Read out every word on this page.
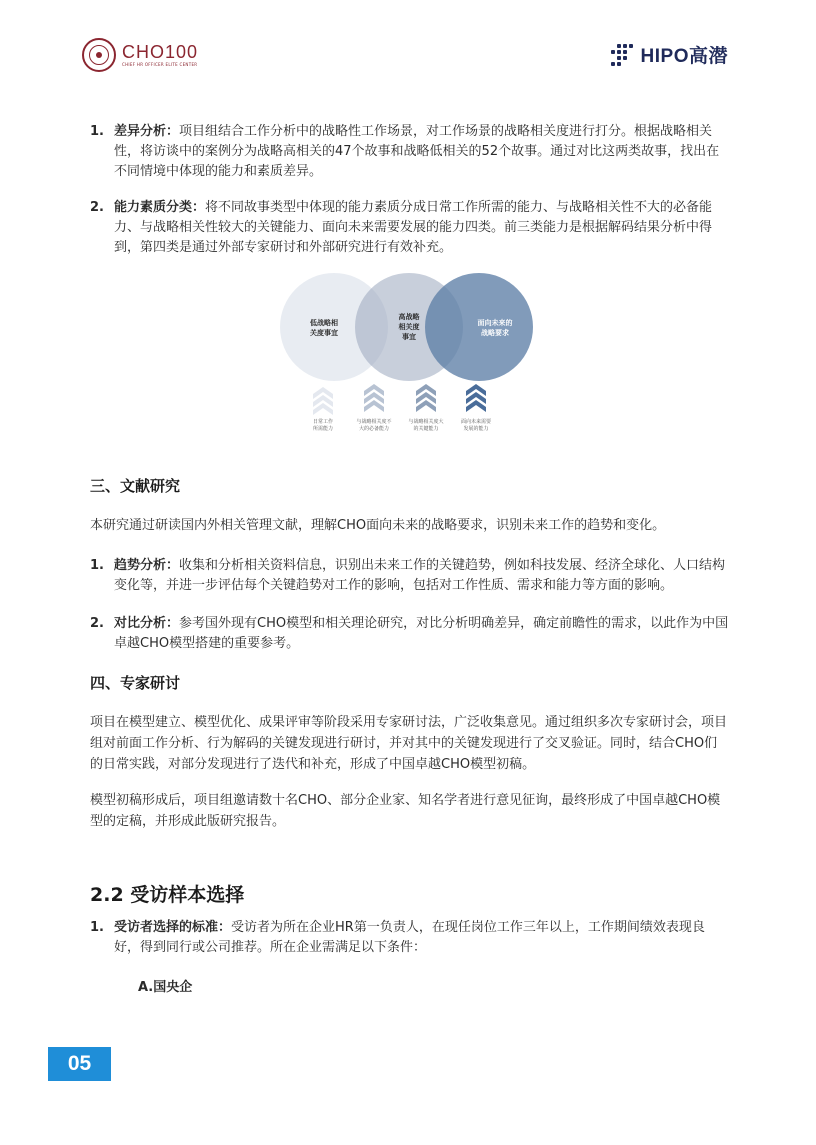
CHO100
CHIEF HR OFFICER ELITE CENTER	HIPO高潜
1. 差异分析：项目组结合工作分析中的战略性工作场景，对工作场景的战略相关度进行打分。根据战略相关性，将访谈中的案例分为战略高相关的47个故事和战略低相关的52个故事。通过对比这两类故事，找出在不同情境中体现的能力和素质差异。
2. 能力素质分类：将不同故事类型中体现的能力素质分成日常工作所需的能力、与战略相关性不大的必备能力、与战略相关性较大的关键能力、面向未来需要发展的能力四类。前三类能力是根据解码结果分析中得到，第四类是通过外部专家研讨和外部研究进行有效补充。
低战略相
关度事宜
高战略
相关度
事宜
面向未来的
战略要求
日常工作
所需能力
与战略相关度不
大的必备能力
与战略相关度大
的关键能力
面向未来需要
发展的能力
三、文献研究
本研究通过研读国内外相关管理文献，理解CHO面向未来的战略要求，识别未来工作的趋势和变化。
1. 趋势分析：收集和分析相关资料信息，识别出未来工作的关键趋势，例如科技发展、经济全球化、人口结构变化等，并进一步评估每个关键趋势对工作的影响，包括对工作性质、需求和能力等方面的影响。
2. 对比分析：参考国外现有CHO模型和相关理论研究，对比分析明确差异，确定前瞻性的需求，以此作为中国卓越CHO模型搭建的重要参考。
四、专家研讨
项目在模型建立、模型优化、成果评审等阶段采用专家研讨法，广泛收集意见。通过组织多次专家研讨会，项目组对前面工作分析、行为解码的关键发现进行研讨，并对其中的关键发现进行了交叉验证。同时，结合CHO们的日常实践，对部分发现进行了迭代和补充，形成了中国卓越CHO模型初稿。
模型初稿形成后，项目组邀请数十名CHO、部分企业家、知名学者进行意见征询，最终形成了中国卓越CHO模型的定稿，并形成此版研究报告。
2.2 受访样本选择
1. 受访者选择的标准：受访者为所在企业HR第一负责人，在现任岗位工作三年以上，工作期间绩效表现良好，得到同行或公司推荐。所在企业需满足以下条件：
A.国央企
05
